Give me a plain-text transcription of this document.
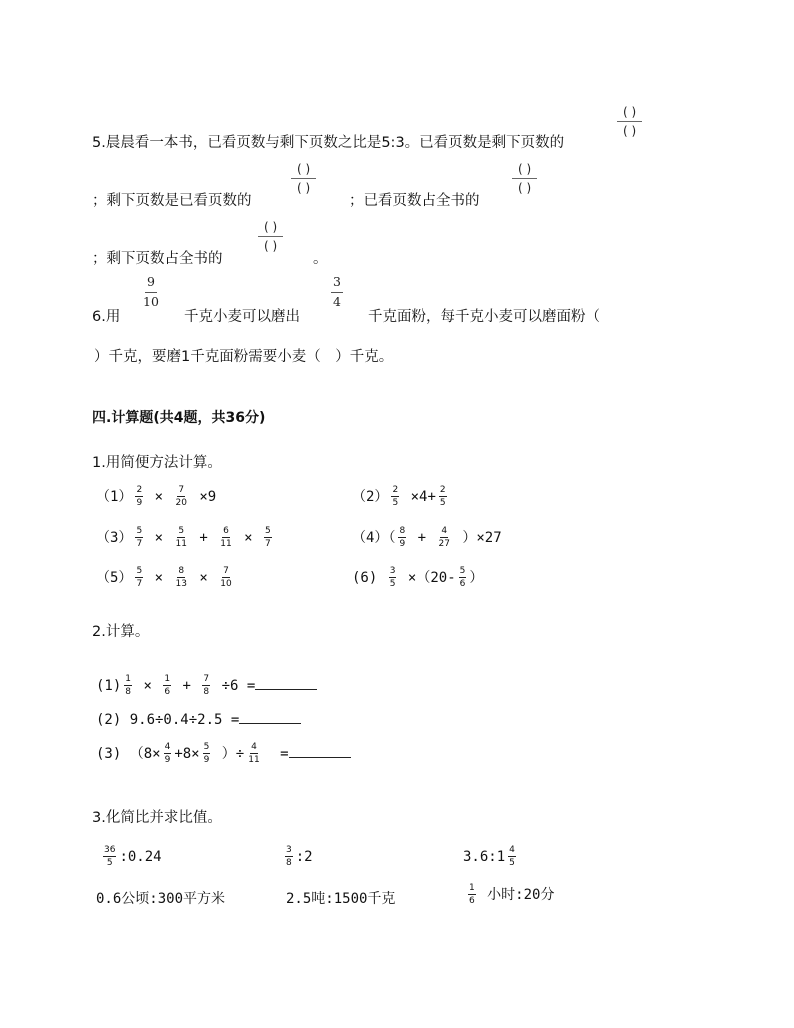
5.晨晨看一本书，已看页数与剩下页数之比是5:3。已看页数是剩下页数的
( )
( )
；剩下页数是已看页数的
( )
( )
；已看页数占全书的
( )
( )
；剩下页数占全书的
( )
( )
。
6.用
$\frac{9}{10}$
千克小麦可以磨出
$\frac{3}{4}$
千克面粉，每千克小麦可以磨面粉（
）千克，要磨1千克面粉需要小麦（　）千克。
四.计算题(共4题，共36分)
1.用简便方法计算。
$(1) \frac{2}{9} \times \frac{7}{20} \times 9$	$(2) \frac{2}{5} \times 4+ \frac{2}{5}$
$(3) \frac{5}{7} \times \frac{5}{11} + \frac{6}{11} \times \frac{5}{7}$	$(4)( \frac{8}{9} + \frac{4}{27} )\times 27$
$(5) \frac{5}{7} \times \frac{8}{13} \times \frac{7}{10}$	$(6) \frac{3}{5} \times(20- \frac{5}{6}$ ）
2.计算。
$(1) \frac{1}{8} \times \frac{1}{6} + \frac{7}{8} \div 6$ =
(2) 9.6÷0.4÷2.5 =
(3) （$8\times \frac{4}{9} +8\times \frac{5}{9}$ ）÷ $\frac{4}{11}$ =
3.化简比并求比值。
$\frac{36}{5}$ :0.24	$\frac{3}{8}$ :2	3.6:1 $\frac{4}{5}$
0.6公顷:300平方米	2.5吨:1500千克	$\frac{1}{6}$ 小时:20分
